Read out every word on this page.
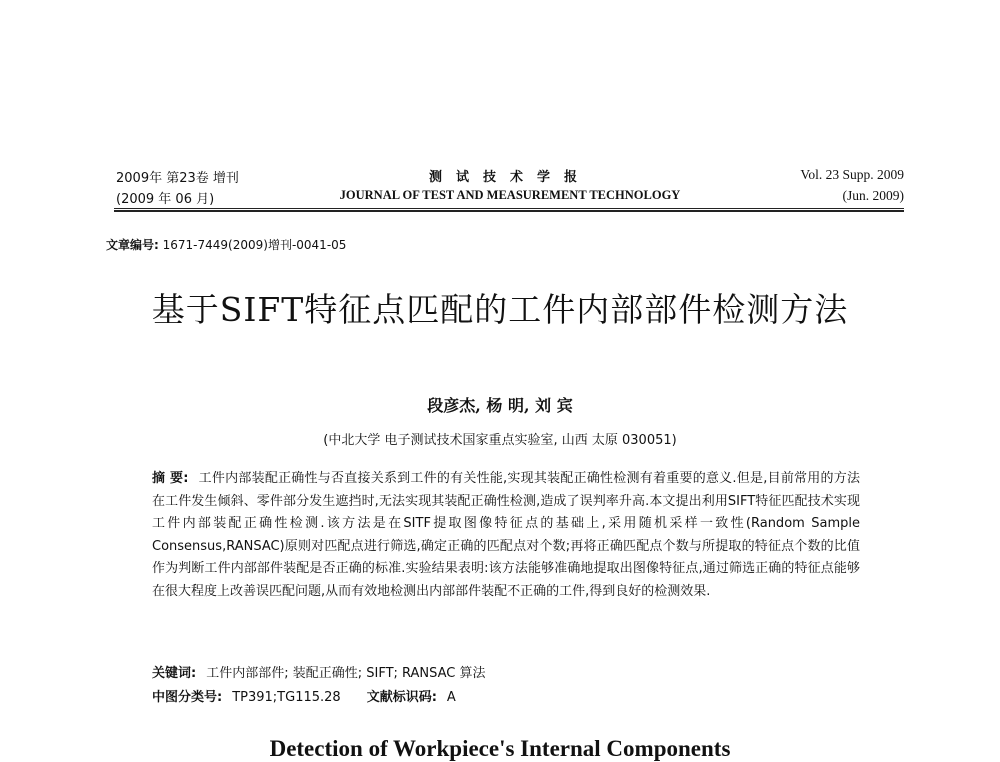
2009年 第23卷 增刊
(2009 年 06 月)
测试技术学报
JOURNAL OF TEST AND MEASUREMENT TECHNOLOGY
Vol. 23 Supp. 2009
(Jun. 2009)
文章编号: 1671-7449(2009)增刊-0041-05
基于SIFT特征点匹配的工件内部部件检测方法
段彦杰, 杨 明, 刘 宾
(中北大学 电子测试技术国家重点实验室, 山西 太原 030051)
摘 要: 工件内部装配正确性与否直接关系到工件的有关性能,实现其装配正确性检测有着重要的意义.但是,目前常用的方法在工件发生倾斜、零件部分发生遮挡时,无法实现其装配正确性检测,造成了误判率升高.本文提出利用SIFT特征匹配技术实现工件内部装配正确性检测.该方法是在SITF提取图像特征点的基础上,采用随机采样一致性(Random Sample Consensus,RANSAC)原则对匹配点进行筛选,确定正确的匹配点对个数;再将正确匹配点个数与所提取的特征点个数的比值作为判断工件内部部件装配是否正确的标准.实验结果表明:该方法能够准确地提取出图像特征点,通过筛选正确的特征点能够在很大程度上改善误匹配问题,从而有效地检测出内部部件装配不正确的工件,得到良好的检测效果.
关键词: 工件内部部件; 装配正确性; SIFT; RANSAC 算法
中图分类号: TP391;TG115.28 文献标识码: A
Detection of Workpiece's Internal Components
